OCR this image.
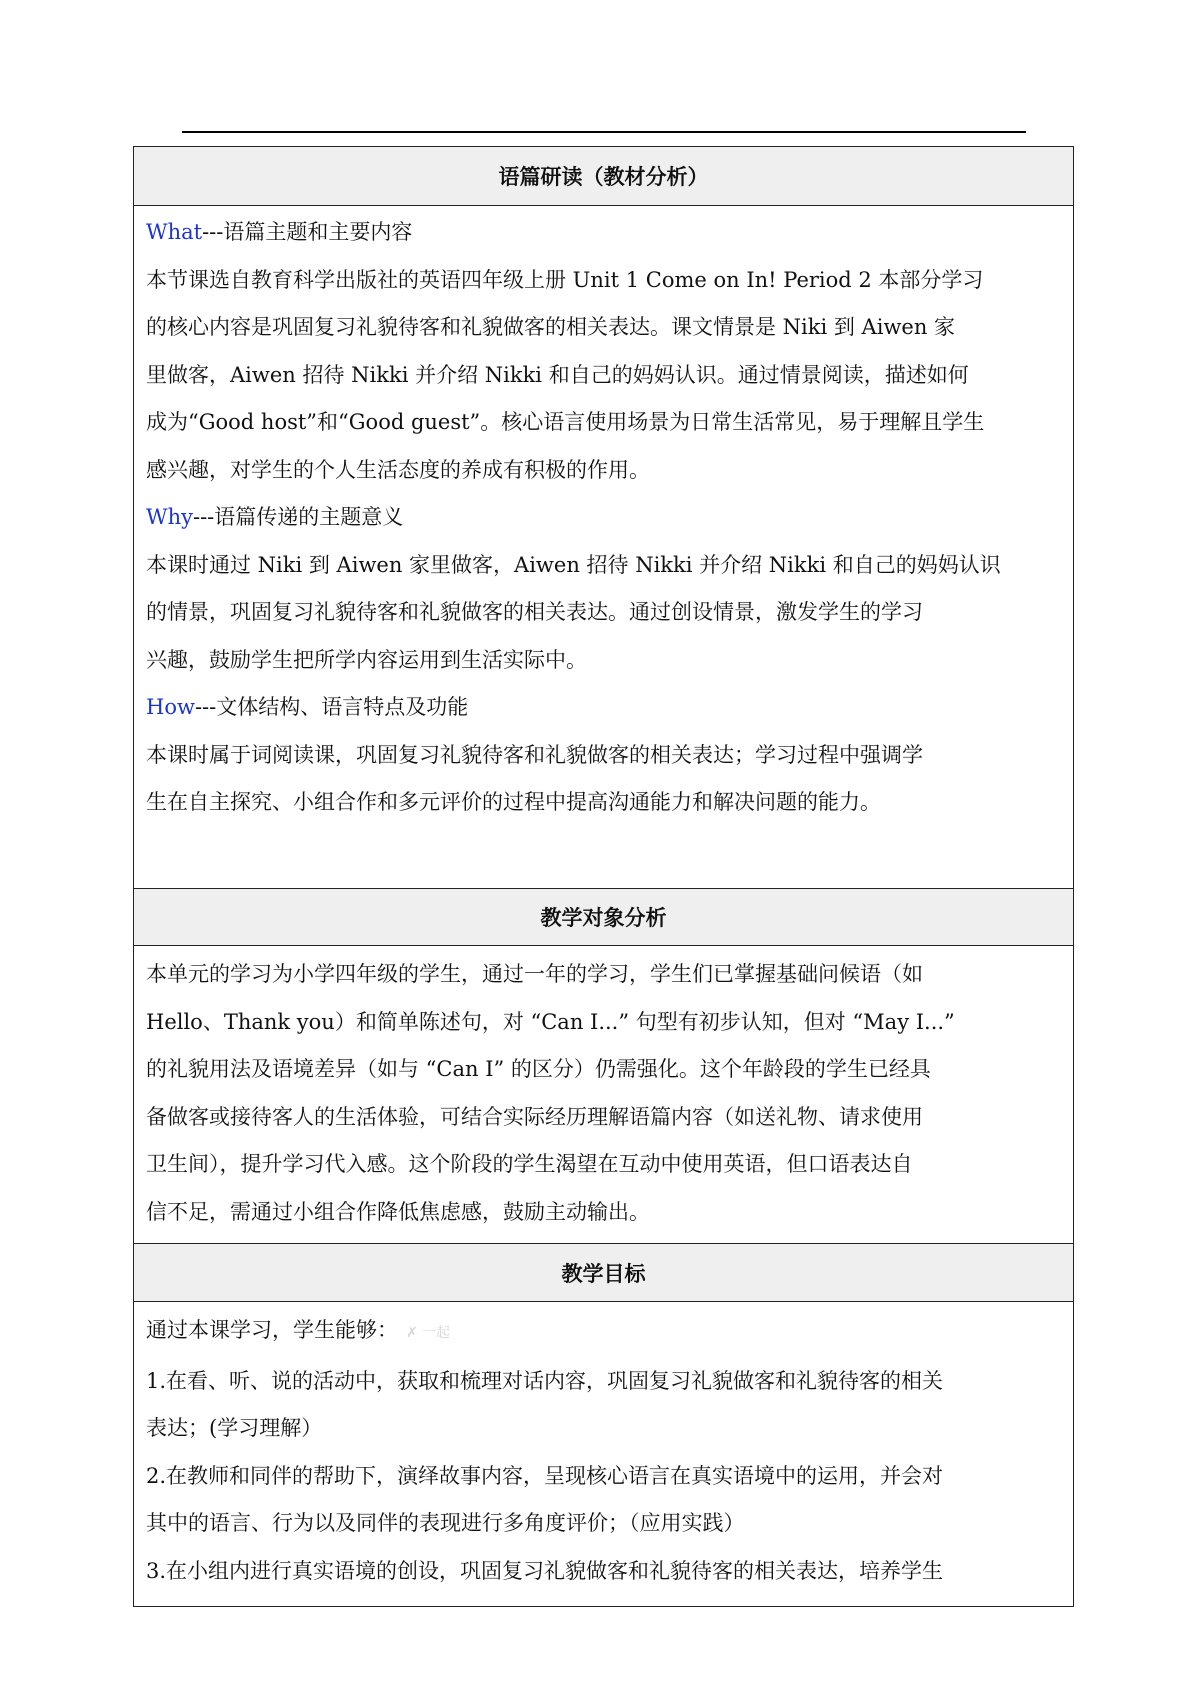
语篇研读（教材分析）
What---语篇主题和主要内容
本节课选自教育科学出版社的英语四年级上册 Unit 1 Come on In! Period 2 本部分学习
的核心内容是巩固复习礼貌待客和礼貌做客的相关表达。课文情景是 Niki 到 Aiwen 家
里做客，Aiwen 招待 Nikki 并介绍 Nikki 和自己的妈妈认识。通过情景阅读，描述如何
成为“Good host”和“Good guest”。核心语言使用场景为日常生活常见，易于理解且学生
感兴趣，对学生的个人生活态度的养成有积极的作用。
Why---语篇传递的主题意义
本课时通过 Niki 到 Aiwen 家里做客，Aiwen 招待 Nikki 并介绍 Nikki 和自己的妈妈认识
的情景，巩固复习礼貌待客和礼貌做客的相关表达。通过创设情景，激发学生的学习
兴趣，鼓励学生把所学内容运用到生活实际中。
How---文体结构、语言特点及功能
本课时属于词阅读课，巩固复习礼貌待客和礼貌做客的相关表达；学习过程中强调学
生在自主探究、小组合作和多元评价的过程中提高沟通能力和解决问题的能力。
教学对象分析
本单元的学习为小学四年级的学生，通过一年的学习，学生们已掌握基础问候语（如
Hello、Thank you）和简单陈述句，对 “Can I...” 句型有初步认知，但对 “May I...”
的礼貌用法及语境差异（如与 “Can I” 的区分）仍需强化。这个年龄段的学生已经具
备做客或接待客人的生活体验，可结合实际经历理解语篇内容（如送礼物、请求使用
卫生间），提升学习代入感。这个阶段的学生渴望在互动中使用英语，但口语表达自
信不足，需通过小组合作降低焦虑感，鼓励主动输出。
教学目标
通过本课学习，学生能够： ✗ 一起
1.在看、听、说的活动中，获取和梳理对话内容，巩固复习礼貌做客和礼貌待客的相关
表达；(学习理解）
2.在教师和同伴的帮助下，演绎故事内容，呈现核心语言在真实语境中的运用，并会对
其中的语言、行为以及同伴的表现进行多角度评价；（应用实践）
3.在小组内进行真实语境的创设，巩固复习礼貌做客和礼貌待客的相关表达，培养学生
